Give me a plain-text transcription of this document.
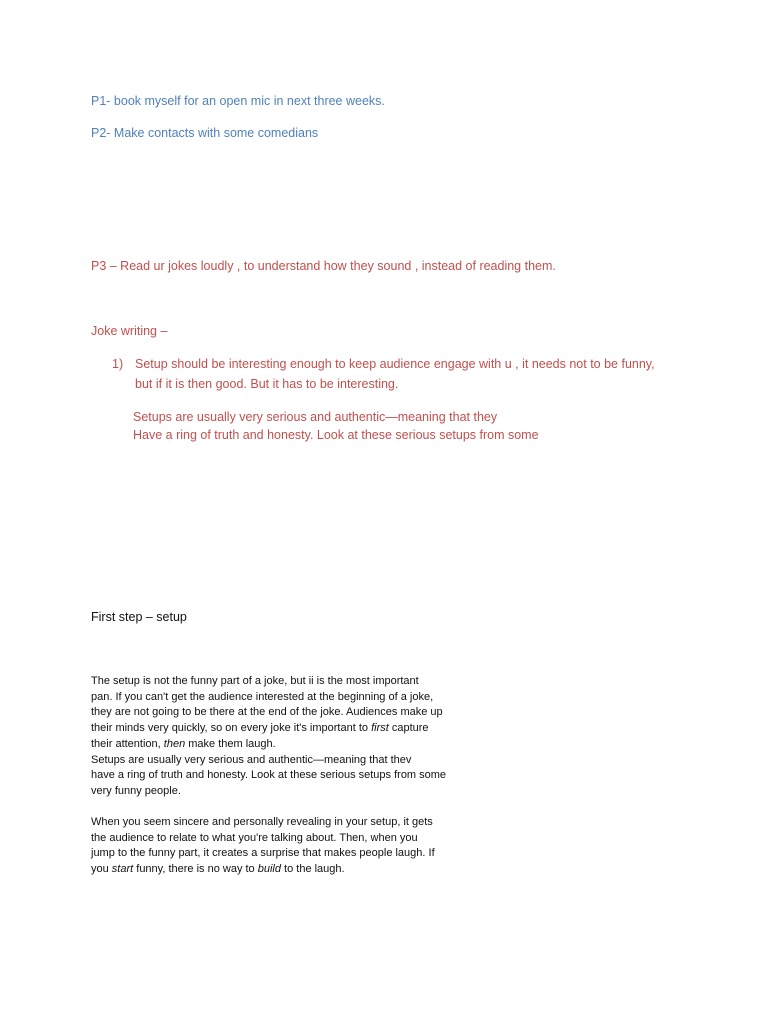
P1- book myself for an open mic in next three weeks.

P2- Make contacts with some comedians

P3 – Read ur jokes loudly , to understand how they sound , instead of reading them.

Joke writing –

1) Setup should be interesting enough to keep audience engage with u , it needs not to be funny,

but if it is then good. But it has to be interesting.

Setups are usually very serious and authentic—meaning that they

Have a ring of truth and honesty. Look at these serious setups from some

First step – setup

The setup is not the funny part of a joke, but ii is the most important
pan. If you can't get the audience interested at the beginning of a joke,
they are not going to be there at the end of the joke. Audiences make up
their minds very quickly, so on every joke it's important to first capture
their attention, then make them laugh.
Setups are usually very serious and authentic—meaning that thev
have a ring of truth and honesty. Look at these serious setups from some
very funny people.
When you seem sincere and personally revealing in your setup, it gets
the audience to relate to what you're talking about. Then, when you
jump to the funny part, it creates a surprise that makes people laugh. If
you start funny, there is no way to build to the laugh.
